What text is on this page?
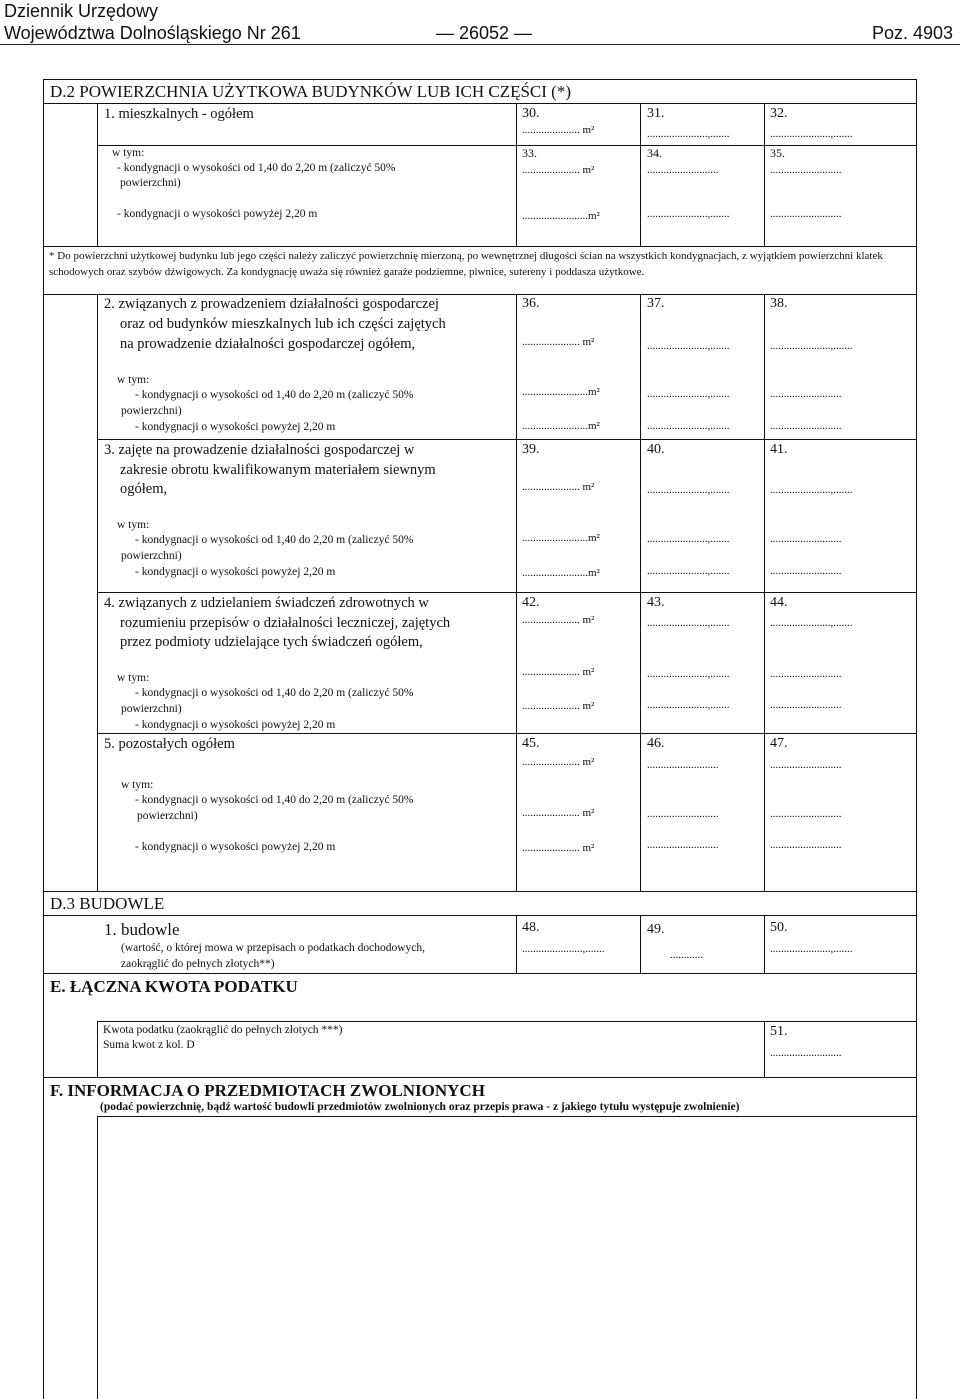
Dziennik Urzędowy
Województwa Dolnośląskiego Nr 261	— 26052 —	Poz. 4903
D.2 POWIERZCHNIA UŻYTKOWA BUDYNKÓW LUB ICH CZĘŚCI (*)
1. mieszkalnych - ogółem	30.	31.	32.
..................... m²	......................,.......	......................,.......
w tym:
- kondygnacji o wysokości od 1,40 do 2,20 m (zaliczyć 50%
powierzchni)
- kondygnacji o wysokości powyżej 2,20 m
33.	34.	35.
..................... m²	..........................	..........................
........................m²	......................,.......	..........................
* Do powierzchni użytkowej budynku lub jego części należy zaliczyć powierzchnię mierzoną, po wewnętrznej długości ścian na wszystkich kondygnacjach, z wyjątkiem powierzchni klatek schodowych oraz szybów dźwigowych. Za kondygnację uważa się również garaże podziemne, piwnice, sutereny i poddasza użytkowe.
2. związanych z prowadzeniem działalności gospodarczej
oraz od budynków mieszkalnych lub ich części zajętych
na prowadzenie działalności gospodarczej ogółem,
36.	37.	38.
..................... m²	......................,.......	......................,.......
w tym:
- kondygnacji o wysokości od 1,40 do 2,20 m (zaliczyć 50%
powierzchni)
- kondygnacji o wysokości powyżej 2,20 m
........................m²	......................,.......	..........................
........................m²	......................,.......	..........................
3. zajęte na prowadzenie działalności gospodarczej w
zakresie obrotu kwalifikowanym materiałem siewnym
ogółem,
39.	40.	41.
..................... m²	......................,.......	......................,.......
w tym:
- kondygnacji o wysokości od 1,40 do 2,20 m (zaliczyć 50%
powierzchni)
- kondygnacji o wysokości powyżej 2,20 m
........................m²	......................,.......	..........................
........................m²	......................,.......	..........................
4. związanych z udzielaniem świadczeń zdrowotnych w
rozumieniu przepisów o działalności leczniczej, zajętych
przez podmioty udzielające tych świadczeń ogółem,
42.	43.	44.
..................... m²	......................,.......	......................,.......
w tym:
- kondygnacji o wysokości od 1,40 do 2,20 m (zaliczyć 50%
powierzchni)
- kondygnacji o wysokości powyżej 2,20 m
..................... m²	......................,.......	..........................
..................... m²	......................,.......	..........................
5. pozostałych ogółem	45.	46.	47.
..................... m²	..........................	..........................
w tym:
- kondygnacji o wysokości od 1,40 do 2,20 m (zaliczyć 50%
powierzchni)
- kondygnacji o wysokości powyżej 2,20 m
..................... m²	..........................	..........................
..................... m²	..........................	..........................
D.3 BUDOWLE
1. budowle
(wartość, o której mowa w przepisach o podatkach dochodowych,
zaokrąglić do pełnych złotych**)
48.	49.	50.
......................,.......	............	......................,.......
E. ŁĄCZNA KWOTA PODATKU
Kwota podatku (zaokrąglić do pełnych złotych ***)
Suma kwot z kol. D
51.
..........................
F. INFORMACJA O PRZEDMIOTACH ZWOLNIONYCH
(podać powierzchnię, bądź wartość budowli przedmiotów zwolnionych oraz przepis prawa - z jakiego tytułu występuje zwolnienie)
